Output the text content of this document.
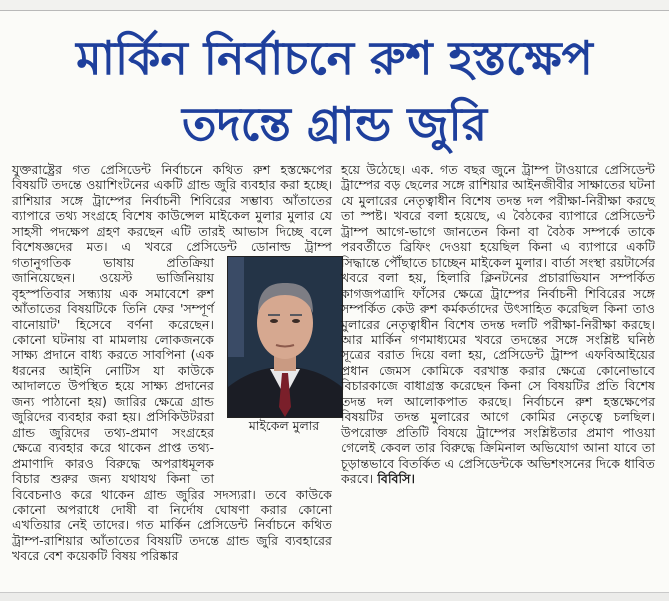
মার্কিন নির্বাচনে রুশ হস্তক্ষেপ
তদন্তে গ্রান্ড জুরি

যুক্তরাষ্ট্রের গত প্রেসিডেন্ট নির্বাচনে কথিত রুশ হস্তক্ষেপের বিষয়টি তদন্তে ওয়াশিংটনের একটি গ্রান্ড জুরি ব্যবহার করা হচ্ছে। রাশিয়ার সঙ্গে ট্রাম্পের নির্বাচনী শিবিরের সম্ভাব্য আঁতাতের ব্যাপারে তথ্য সংগ্রহে বিশেষ কাউন্সেল মাইকেল মুলার মুলার যে সাহসী পদক্ষেপ গ্রহণ করছেন এটি তারই আভাস দিচ্ছে বলে বিশেষজ্ঞদের মত। এ খবরে প্রেসিডেন্ট ডোনাল্ড ট্রাম্প গতানুগতিক ভাষায় প্রতিক্রিয়া জানিয়েছেন। ওয়েস্ট ভার্জিনিয়ায় বৃহস্পতিবার সন্ধ্যায় এক সমাবেশে রুশ আঁতাতের বিষয়টিকে তিনি ফের 'সম্পূর্ণ বানোয়াট' হিসেবে বর্ণনা করেছেন। কোনো ঘটনায় বা মামলায় লোকজনকে সাক্ষ্য প্রদানে বাধ্য করতে সাবপিনা (এক ধরনের আইনি নোটিস যা কাউকে আদালতে উপস্থিত হয়ে সাক্ষ্য প্রদানের জন্য পাঠানো হয়) জারির ক্ষেত্রে গ্রান্ড জুরিদের ব্যবহার করা হয়। প্রসিকিউটররা গ্রান্ড জুরিদের তথ্য-প্রমাণ সংগ্রহের ক্ষেত্রে ব্যবহার করে থাকেন প্রাপ্ত তথ্য-প্রমাণাদি কারও বিরুদ্ধে অপরাধমূলক বিচার শুরুর জন্য যথাযথ কিনা তা বিবেচনাও করে থাকেন গ্রান্ড জুরির সদস্যরা। তবে কাউকে কোনো অপরাধে দোষী বা নির্দোষ ঘোষণা করার কোনো এখতিয়ার নেই তাদের। গত মার্কিন প্রেসিডেন্ট নির্বাচনে কথিত ট্রাম্প-রাশিয়ার আঁতাতের বিষয়টি তদন্তে গ্রান্ড জুরি ব্যবহারের খবরে বেশ কয়েকটি বিষয় পরিষ্কার

মাইকেল মুলার

হয়ে উঠেছে। এক. গত বছর জুনে ট্রাম্প টাওয়ারে প্রেসিডেন্ট ট্রাম্পের বড় ছেলের সঙ্গে রাশিয়ার আইনজীবীর সাক্ষাতের ঘটনা যে মুলারের নেতৃত্বাধীন বিশেষ তদন্ত দল পরীক্ষা-নিরীক্ষা করছে তা স্পষ্ট। খবরে বলা হয়েছে, এ বৈঠকের ব্যাপারে প্রেসিডেন্ট ট্রাম্প আগে-ভাগে জানতেন কিনা বা বৈঠক সম্পর্কে তাকে পরবর্তীতে ব্রিফিং দেওয়া হয়েছিল কিনা এ ব্যাপারে একটি সিদ্ধান্তে পৌঁছাতে চাচ্ছেন মাইকেল মুলার। বার্তা সংস্থা রয়টার্সের খবরে বলা হয়, হিলারি ক্লিনটনের প্রচারাভিযান সম্পর্কিত কাগজপত্রাদি ফাঁসের ক্ষেত্রে ট্রাম্পের নির্বাচনী শিবিরের সঙ্গে সম্পর্কিত কেউ রুশ কর্মকর্তাদের উৎসাহিত করেছিল কিনা তাও মুলারের নেতৃত্বাধীন বিশেষ তদন্ত দলটি পরীক্ষা-নিরীক্ষা করছে। আর মার্কিন গণমাধ্যমের খবরে তদন্তের সঙ্গে সংশ্লিষ্ট ঘনিষ্ঠ সূত্রের বরাত দিয়ে বলা হয়, প্রেসিডেন্ট ট্রাম্প এফবিআইয়ের প্রধান জেমস কোমিকে বরখাস্ত করার ক্ষেত্রে কোনোভাবে বিচারকাজে বাধাগ্রস্ত করেছেন কিনা সে বিষয়টির প্রতি বিশেষ তদন্ত দল আলোকপাত করছে। নির্বাচনে রুশ হস্তক্ষেপের বিষয়টির তদন্ত মুলারের আগে কোমির নেতৃত্বে চলছিল। উপরোক্ত প্রতিটি বিষয়ে ট্রাম্পের সংশ্লিষ্টতার প্রমাণ পাওয়া গেলেই কেবল তার বিরুদ্ধে ক্রিমিনাল অভিযোগ আনা যাবে তা চূড়ান্তভাবে বিতর্কিত এ প্রেসিডেন্টকে অভিশংসনের দিকে ধাবিত করবে। বিবিসি।
